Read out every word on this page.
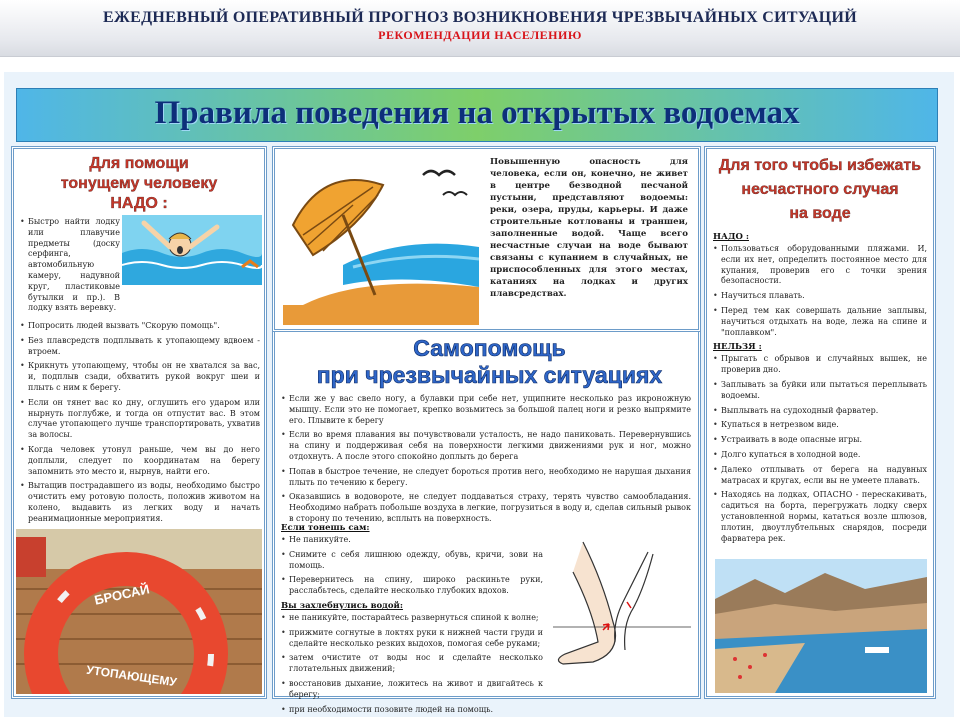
ЕЖЕДНЕВНЫЙ ОПЕРАТИВНЫЙ ПРОГНОЗ ВОЗНИКНОВЕНИЯ ЧРЕЗВЫЧАЙНЫХ СИТУАЦИЙ
РЕКОМЕНДАЦИИ НАСЕЛЕНИЮ
Правила поведения на открытых водоемах
Для помощи
тонущему человеку
НАДО :

• Быстро найти лодку или плавучие предметы (доску серфинга, автомобильную камеру, надувной круг, пластиковые бутылки и пр.). В лодку взять веревку.

• Попросить людей вызвать "Скорую помощь".

• Без плавсредств подплывать к утопающему вдвоем - втроем.

• Крикнуть утопающему, чтобы он не хватался за вас, и, подплыв сзади, обхватить рукой вокруг шеи и плыть с ним к берегу.

• Если он тянет вас ко дну, оглушить его ударом или нырнуть поглубже, и тогда он отпустит вас. В этом случае утопающего лучше транспортировать, ухватив за волосы.

• Когда человек утонул раньше, чем вы до него доплыли, следует по координатам на берегу запомнить это место и, нырнув, найти его.

• Вытащив пострадавшего из воды, необходимо быстро очистить ему ротовую полость, положив животом на колено, выдавить из легких воду и начать реанимационные мероприятия.

БРОСАЙ
УТОПАЮЩЕМУ
Повышенную опасность для человека, если он, конечно, не живет в центре безводной песчаной пустыни, представляют водоемы: реки, озера, пруды, карьеры. И даже строительные котлованы и траншеи, заполненные водой. Чаще всего несчастные случаи на воде бывают связаны с купанием в случайных, не приспособленных для этого местах, катаниях на лодках и других плавсредствах.
Самопомощь
при чрезвычайных ситуациях

• Если же у вас свело ногу, а булавки при себе нет, ущипните несколько раз икроножную мышцу. Если это не помогает, крепко возьмитесь за большой палец ноги и резко выпрямите его. Плывите к берегу

• Если во время плавания вы почувствовали усталость, не надо паниковать. Перевернувшись на спину и поддерживая себя на поверхности легкими движениями рук и ног, можно отдохнуть. А после этого спокойно доплыть до берега

• Попав в быстрое течение, не следует бороться против него, необходимо не нарушая дыхания плыть по течению к берегу.

• Оказавшись в водовороте, не следует поддаваться страху, терять чувство самообладания. Необходимо набрать побольше воздуха в легкие, погрузиться в воду и, сделав сильный рывок в сторону по течению, всплыть на поверхность.

Если тонешь сам:

• Не паникуйте.

• Снимите с себя лишнюю одежду, обувь, кричи, зови на помощь.

• Перевернитесь на спину, широко раскиньте руки, расслабьтесь, сделайте несколько глубоких вдохов.

Вы захлебнулись водой:

• не паникуйте, постарайтесь развернуться спиной к волне;

• прижмите согнутые в локтях руки к нижней части груди и сделайте несколько резких выдохов, помогая себе руками;

• затем очистите от воды нос и сделайте несколько глотательных движений;

• восстановив дыхание, ложитесь на живот и двигайтесь к берегу;

• при необходимости позовите людей на помощь.

Для того чтобы избежать
несчастного случая
на воде
НАДО :

• Пользоваться оборудованными пляжами. И, если их нет, определить постоянное место для купания, проверив его с точки зрения безопасности.

• Научиться плавать.

• Перед тем как совершать дальние заплывы, научиться отдыхать на воде, лежа на спине и "поплавком".

НЕЛЬЗЯ :

• Прыгать с обрывов и случайных вышек, не проверив дно.

• Заплывать за буйки или пытаться переплывать водоемы.

• Выплывать на судоходный фарватер.

• Купаться в нетрезвом виде.

• Устраивать в воде опасные игры.

• Долго купаться в холодной воде.

• Далеко отплывать от берега на надувных матрасах и кругах, если вы не умеете плавать.

• Находясь на лодках, ОПАСНО - перескакивать, садиться на борта, перегружать лодку сверх установленной нормы, кататься возле шлюзов, плотин, двоутлубтельных снарядов, посреди фарватера рек.
